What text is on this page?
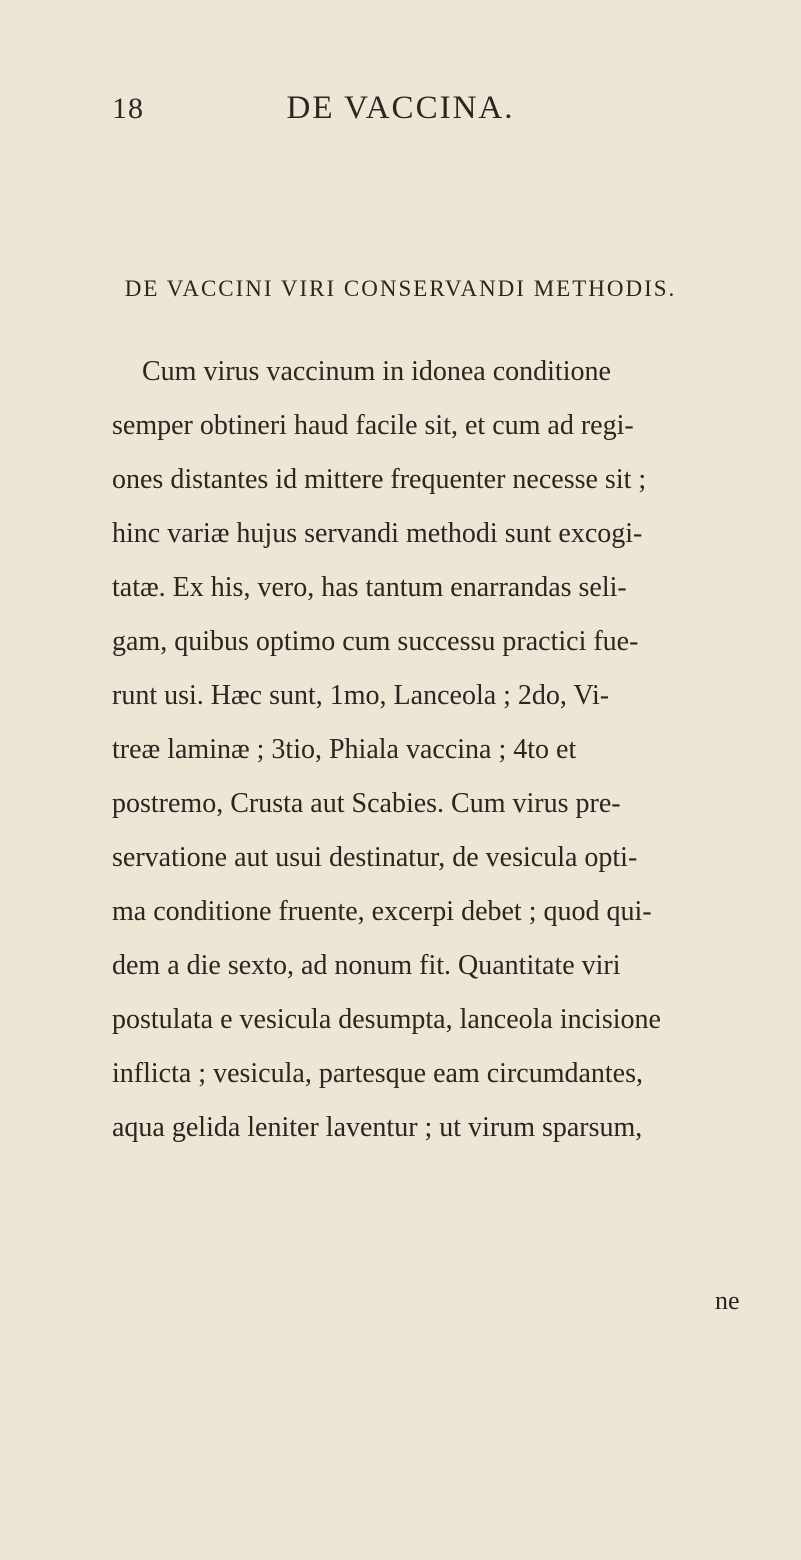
18	DE VACCINA.
DE VACCINI VIRI CONSERVANDI METHODIS.
Cum virus vaccinum in idonea conditione
semper obtineri haud facile sit, et cum ad regi-
ones distantes id mittere frequenter necesse sit ;
hinc variæ hujus servandi methodi sunt excogi-
tatæ. Ex his, vero, has tantum enarrandas seli-
gam, quibus optimo cum successu practici fue-
runt usi. Hæc sunt, 1mo, Lanceola ; 2do, Vi-
treæ laminæ ; 3tio, Phiala vaccina ; 4to et
postremo, Crusta aut Scabies. Cum virus pre-
servatione aut usui destinatur, de vesicula opti-
ma conditione fruente, excerpi debet ; quod qui-
dem a die sexto, ad nonum fit. Quantitate viri
postulata e vesicula desumpta, lanceola incisione
inflicta ; vesicula, partesque eam circumdantes,
aqua gelida leniter laventur ; ut virum sparsum,
ne
